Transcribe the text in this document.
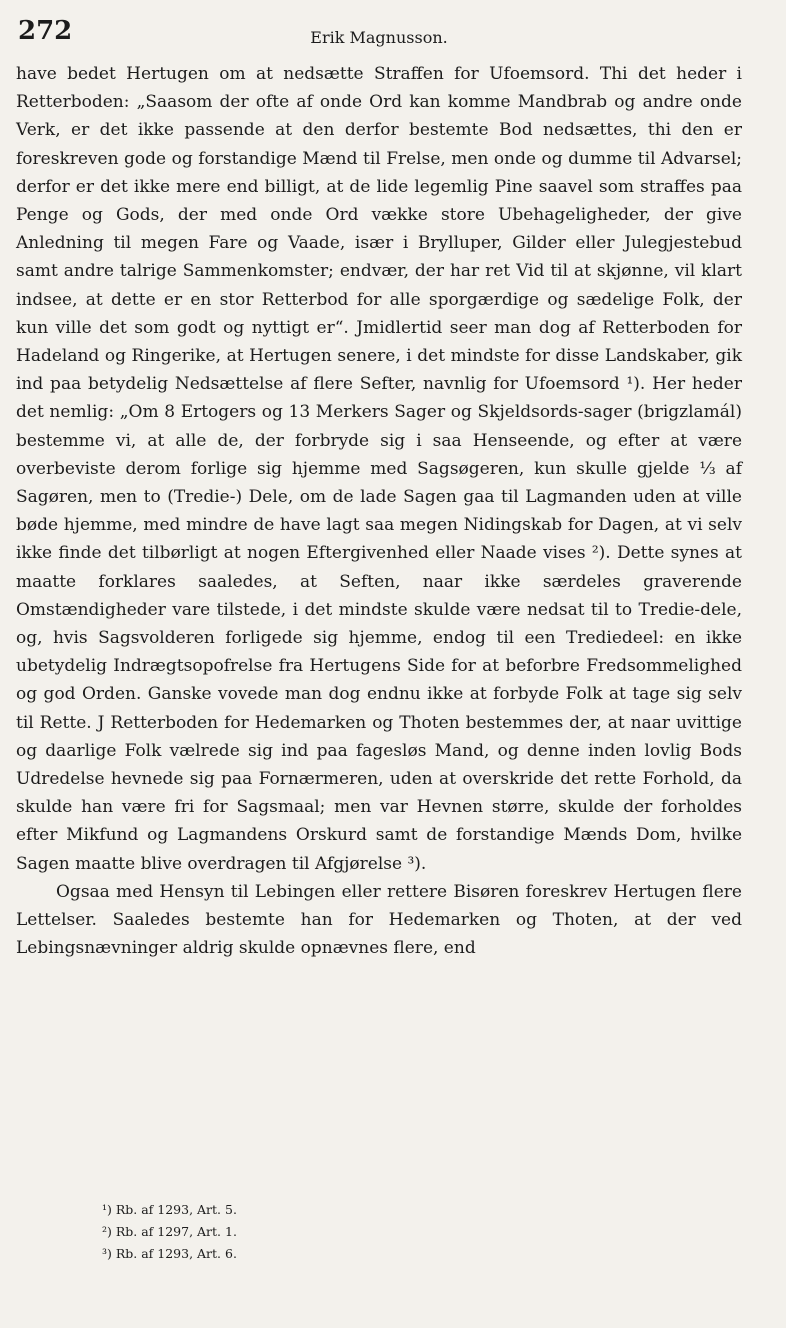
272	Erik Magnusson.

have bedet Hertugen om at nedsætte Straffen for Ufoemsord. Thi det heder i Retterboden: „Saasom der ofte af onde Ord kan komme Mandbrab og andre onde Verk, er det ikke passende at den derfor bestemte Bod nedsættes, thi den er foreskreven gode og forstandige Mænd til Frelse, men onde og dumme til Advarsel; derfor er det ikke mere end billigt, at de lide legemlig Pine saavel som straffes paa Penge og Gods, der med onde Ord vække store Ubehageligheder, der give Anledning til megen Fare og Vaade, især i Brylluper, Gilder eller Julegjestebud samt andre talrige Sammenkomster; endvær, der har ret Vid til at skjønne, vil klart indsee, at dette er en stor Retterbod for alle sporgærdige og sædelige Folk, der kun ville det som godt og nyttigt er“. Jmidlertid seer man dog af Retterboden for Hadeland og Ringerike, at Hertugen senere, i det mindste for disse Landskaber, gik ind paa betydelig Nedsættelse af flere Sefter, navnlig for Ufoemsord ¹). Her heder det nemlig: „Om 8 Ertogers og 13 Merkers Sager og Skjeldsords-sager (brigzlamál) bestemme vi, at alle de, der forbryde sig i saa Henseende, og efter at være overbeviste derom forlige sig hjemme med Sagsøgeren, kun skulle gjelde ⅓ af Sagøren, men to (Tredie-) Dele, om de lade Sagen gaa til Lagmanden uden at ville bøde hjemme, med mindre de have lagt saa megen Nidingskab for Dagen, at vi selv ikke finde det tilbørligt at nogen Eftergivenhed eller Naade vises ²). Dette synes at maatte forklares saaledes, at Seften, naar ikke særdeles graverende Omstændigheder vare tilstede, i det mindste skulde være nedsat til to Tredie-dele, og, hvis Sagsvolderen forligede sig hjemme, endog til een Trediedeel: en ikke ubetydelig Indrægtsopofrelse fra Hertugens Side for at beforbre Fredsommelighed og god Orden. Ganske vovede man dog endnu ikke at forbyde Folk at tage sig selv til Rette. J Retterboden for Hedemarken og Thoten bestemmes der, at naar uvittige og daarlige Folk vælrede sig ind paa fagesløs Mand, og denne inden lovlig Bods Udredelse hevnede sig paa Fornærmeren, uden at overskride det rette Forhold, da skulde han være fri for Sagsmaal; men var Hevnen større, skulde der forholdes efter Mikfund og Lagmandens Orskurd samt de forstandige Mænds Dom, hvilke Sagen maatte blive overdragen til Afgjørelse ³).

Ogsaa med Hensyn til Lebingen eller rettere Bisøren foreskrev Hertugen flere Lettelser. Saaledes bestemte han for Hedemarken og Thoten, at der ved Lebingsnævninger aldrig skulde opnævnes flere, end

¹) Rb. af 1293, Art. 5.
²) Rb. af 1297, Art. 1.
³) Rb. af 1293, Art. 6.
